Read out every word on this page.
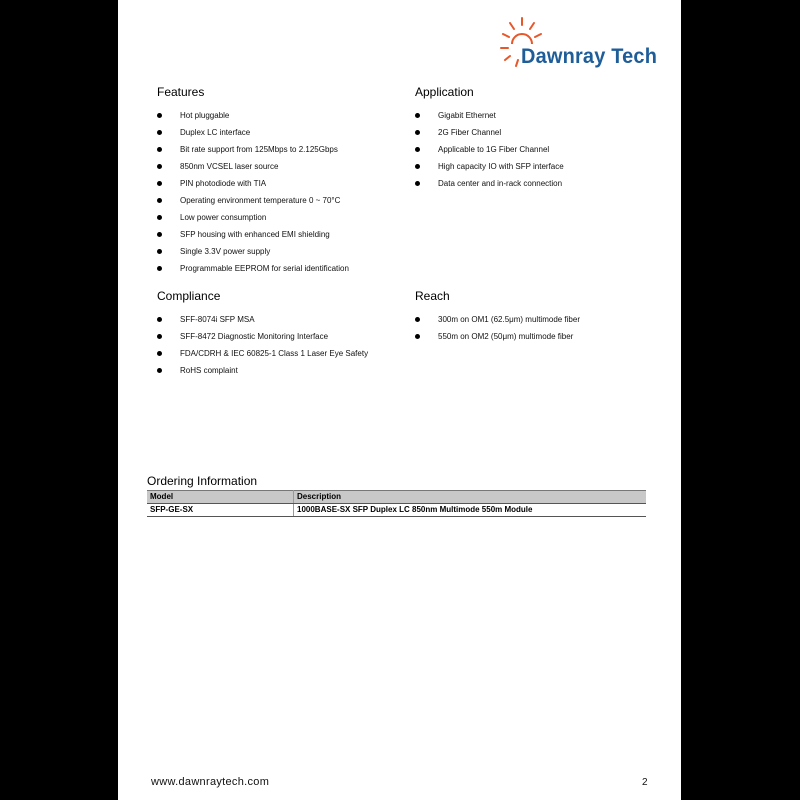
Dawnray Tech
Features
Hot pluggable
Duplex LC interface
Bit rate support from 125Mbps to 2.125Gbps
850nm VCSEL laser source
PIN photodiode with TIA
Operating environment temperature 0 ~ 70°C
Low power consumption
SFP housing with enhanced EMI shielding
Single 3.3V power supply
Programmable EEPROM for serial identification
Application
Gigabit Ethernet
2G Fiber Channel
Applicable to 1G Fiber Channel
High capacity IO with SFP interface
Data center and in-rack connection
Compliance
SFF-8074i SFP MSA
SFF-8472 Diagnostic Monitoring Interface
FDA/CDRH & IEC 60825-1 Class 1 Laser Eye Safety
RoHS complaint
Reach
300m on OM1 (62.5μm) multimode fiber
550m on OM2 (50μm) multimode fiber
Ordering Information
Model	Description
SFP-GE-SX	1000BASE-SX SFP Duplex LC 850nm Multimode 550m Module
www.dawnraytech.com	2
